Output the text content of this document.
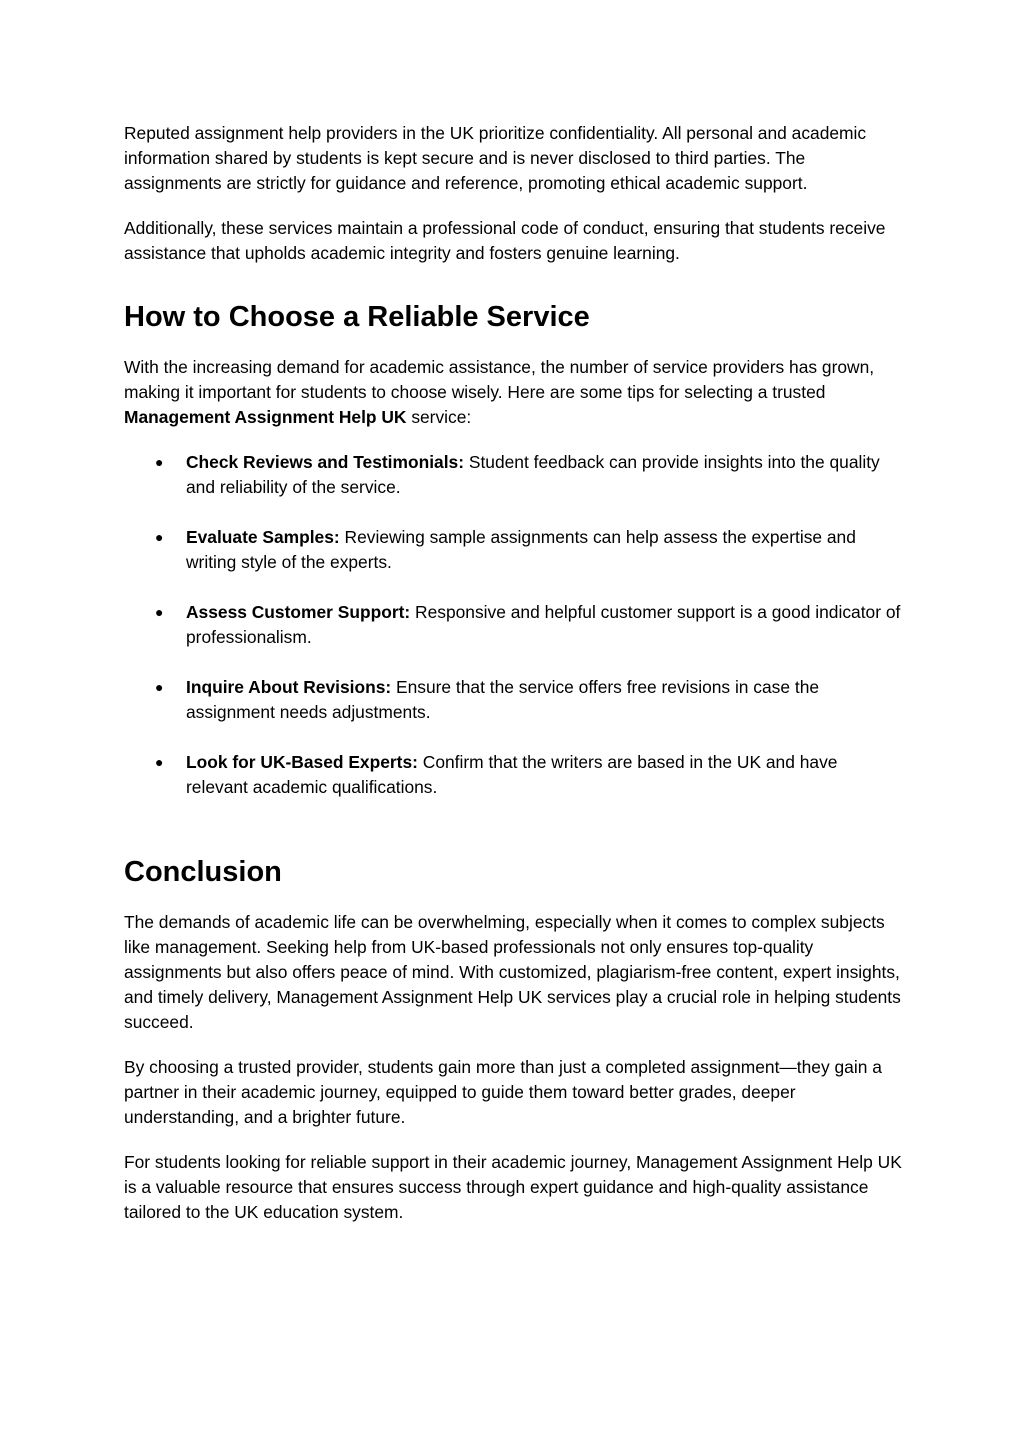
Reputed assignment help providers in the UK prioritize confidentiality. All personal and academic information shared by students is kept secure and is never disclosed to third parties. The assignments are strictly for guidance and reference, promoting ethical academic support.

Additionally, these services maintain a professional code of conduct, ensuring that students receive assistance that upholds academic integrity and fosters genuine learning.

How to Choose a Reliable Service

With the increasing demand for academic assistance, the number of service providers has grown, making it important for students to choose wisely. Here are some tips for selecting a trusted Management Assignment Help UK service:

● Check Reviews and Testimonials: Student feedback can provide insights into the quality and reliability of the service.
● Evaluate Samples: Reviewing sample assignments can help assess the expertise and writing style of the experts.
● Assess Customer Support: Responsive and helpful customer support is a good indicator of professionalism.
● Inquire About Revisions: Ensure that the service offers free revisions in case the assignment needs adjustments.
● Look for UK-Based Experts: Confirm that the writers are based in the UK and have relevant academic qualifications.
Conclusion

The demands of academic life can be overwhelming, especially when it comes to complex subjects like management. Seeking help from UK-based professionals not only ensures top-quality assignments but also offers peace of mind. With customized, plagiarism-free content, expert insights, and timely delivery, Management Assignment Help UK services play a crucial role in helping students succeed.

By choosing a trusted provider, students gain more than just a completed assignment—they gain a partner in their academic journey, equipped to guide them toward better grades, deeper understanding, and a brighter future.

For students looking for reliable support in their academic journey, Management Assignment Help UK is a valuable resource that ensures success through expert guidance and high-quality assistance tailored to the UK education system.
